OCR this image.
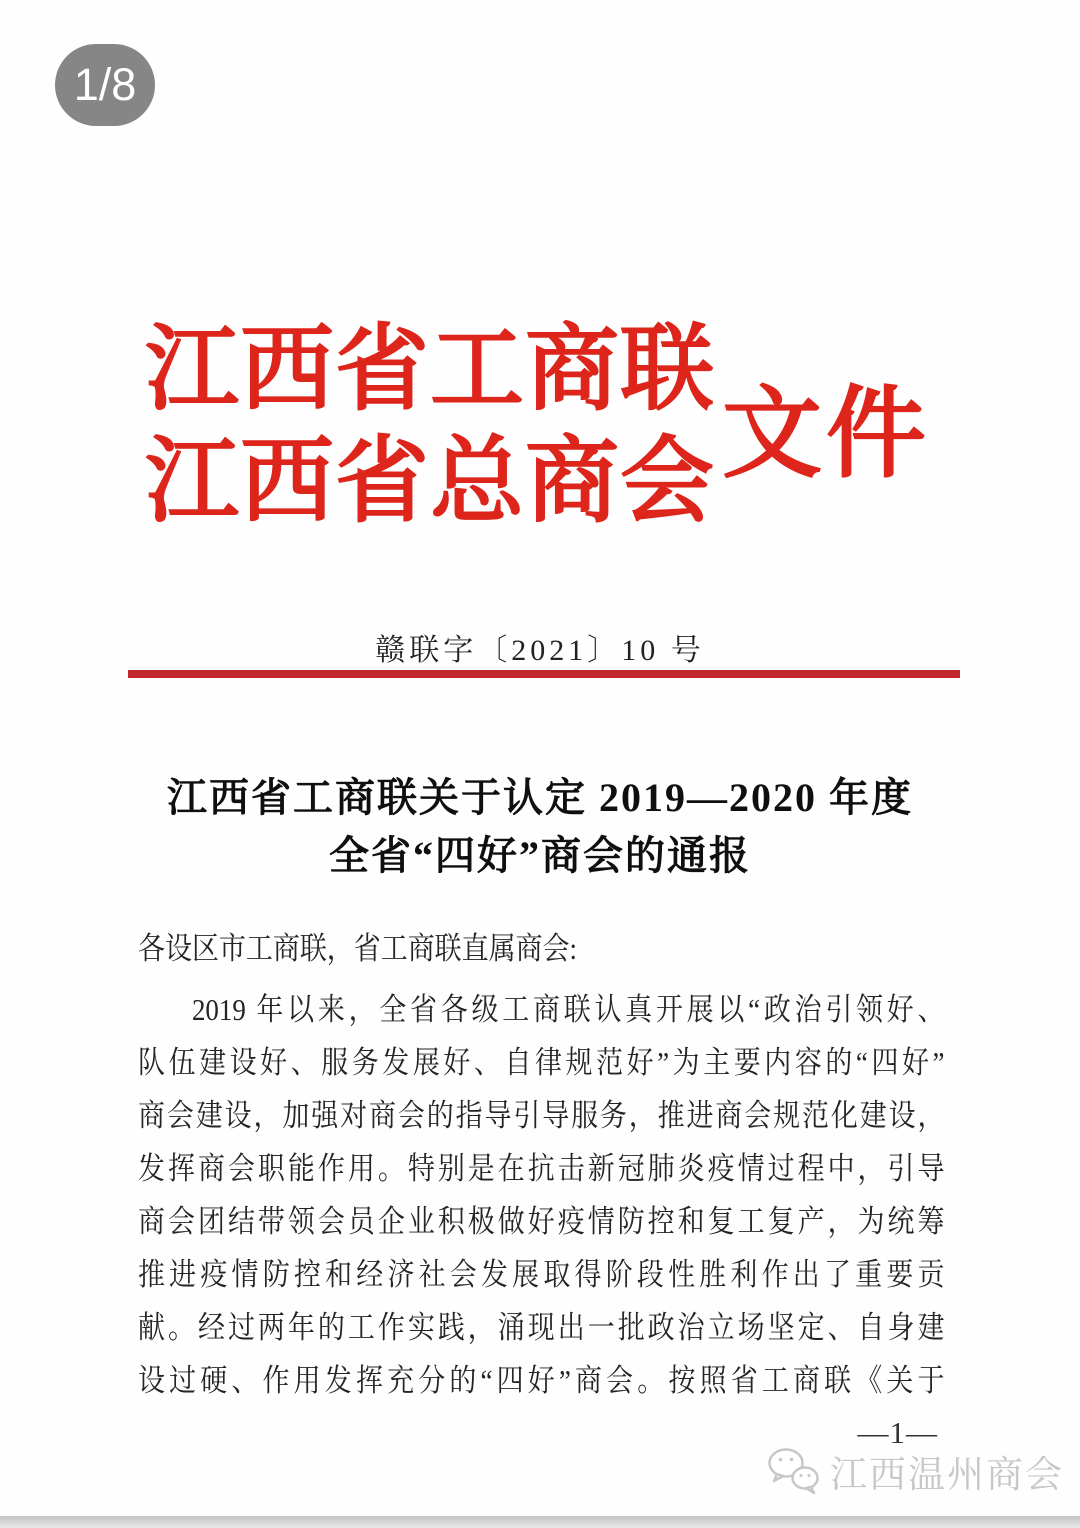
1/8
江西省工商联
江西省总商会 文件
赣联字〔2021〕10 号
江西省工商联关于认定 2019—2020 年度
全省“四好”商会的通报
各设区市工商联，省工商联直属商会:
2019 年以来，全省各级工商联认真开展以“政治引领好、
队伍建设好、服务发展好、自律规范好”为主要内容的“四好”
商会建设，加强对商会的指导引导服务，推进商会规范化建设，
发挥商会职能作用。特别是在抗击新冠肺炎疫情过程中，引导
商会团结带领会员企业积极做好疫情防控和复工复产，为统筹
推进疫情防控和经济社会发展取得阶段性胜利作出了重要贡
献。经过两年的工作实践，涌现出一批政治立场坚定、自身建
设过硬、作用发挥充分的“四好”商会。按照省工商联《关于
—1—
江西温州商会
